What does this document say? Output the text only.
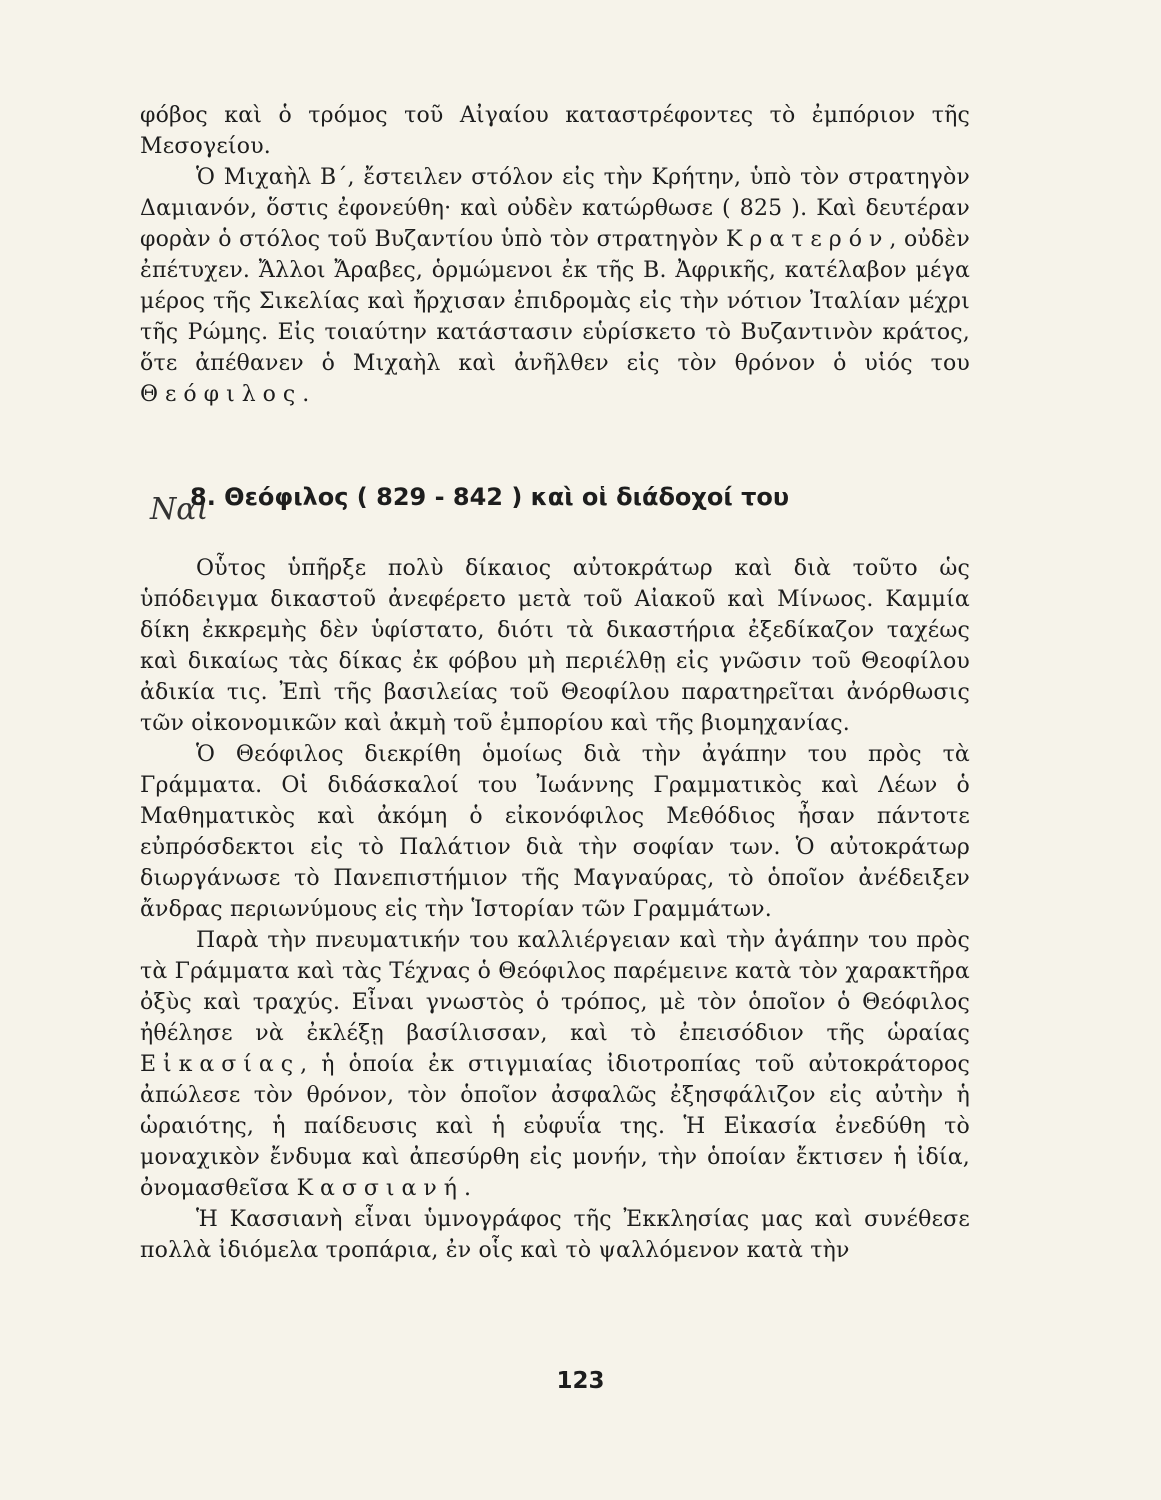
φόβος καὶ ὁ τρόμος τοῦ Αἰγαίου καταστρέφοντες τὸ ἐμπόριον τῆς Μεσογείου.

Ὁ Μιχαὴλ Β΄, ἔστειλεν στόλον εἰς τὴν Κρήτην, ὑπὸ τὸν στρατηγὸν Δαμιανόν, ὅστις ἐφονεύθη· καὶ οὐδὲν κατώρθωσε ( 825 ). Καὶ δευτέραν φορὰν ὁ στόλος τοῦ Βυζαντίου ὑπὸ τὸν στρατηγὸν Κρατερόν, οὐδὲν ἐπέτυχεν. Ἄλλοι Ἄραβες, ὁρμώμενοι ἐκ τῆς Β. Ἀφρικῆς, κατέλαβον μέγα μέρος τῆς Σικελίας καὶ ἤρχισαν ἐπιδρομὰς εἰς τὴν νότιον Ἰταλίαν μέχρι τῆς Ρώμης. Εἰς τοιαύτην κατάστασιν εὑρίσκετο τὸ Βυζαντινὸν κράτος, ὅτε ἀπέθανεν ὁ Μιχαὴλ καὶ ἀνῆλθεν εἰς τὸν θρόνον ὁ υἱός του Θεόφιλος.

Ναι
8. Θεόφιλος ( 829 - 842 ) καὶ οἱ διάδοχοί του

Οὗτος ὑπῆρξε πολὺ δίκαιος αὐτοκράτωρ καὶ διὰ τοῦτο ὡς ὑπόδειγμα δικαστοῦ ἀνεφέρετο μετὰ τοῦ Αἰακοῦ καὶ Μίνωος. Καμμία δίκη ἐκκρεμὴς δὲν ὑφίστατο, διότι τὰ δικαστήρια ἐξεδίκαζον ταχέως καὶ δικαίως τὰς δίκας ἐκ φόβου μὴ περιέλθῃ εἰς γνῶσιν τοῦ Θεοφίλου ἀδικία τις. Ἐπὶ τῆς βασιλείας τοῦ Θεοφίλου παρατηρεῖται ἀνόρθωσις τῶν οἰκονομικῶν καὶ ἀκμὴ τοῦ ἐμπορίου καὶ τῆς βιομηχανίας.

Ὁ Θεόφιλος διεκρίθη ὁμοίως διὰ τὴν ἀγάπην του πρὸς τὰ Γράμματα. Οἱ διδάσκαλοί του Ἰωάννης Γραμματικὸς καὶ Λέων ὁ Μαθηματικὸς καὶ ἀκόμη ὁ εἰκονόφιλος Μεθόδιος ἦσαν πάντοτε εὐπρόσδεκτοι εἰς τὸ Παλάτιον διὰ τὴν σοφίαν των. Ὁ αὐτοκράτωρ διωργάνωσε τὸ Πανεπιστήμιον τῆς Μαγναύρας, τὸ ὁποῖον ἀνέδειξεν ἄνδρας περιωνύμους εἰς τὴν Ἱστορίαν τῶν Γραμμάτων.

Παρὰ τὴν πνευματικήν του καλλιέργειαν καὶ τὴν ἀγάπην του πρὸς τὰ Γράμματα καὶ τὰς Τέχνας ὁ Θεόφιλος παρέμεινε κατὰ τὸν χαρακτῆρα ὀξὺς καὶ τραχύς. Εἶναι γνωστὸς ὁ τρόπος, μὲ τὸν ὁποῖον ὁ Θεόφιλος ἠθέλησε νὰ ἐκλέξῃ βασίλισσαν, καὶ τὸ ἐπεισόδιον τῆς ὡραίας Εἰκασίας, ἡ ὁποία ἐκ στιγμιαίας ἰδιοτροπίας τοῦ αὐτοκράτορος ἀπώλεσε τὸν θρόνον, τὸν ὁποῖον ἀσφαλῶς ἐξησφάλιζον εἰς αὐτὴν ἡ ὡραιότης, ἡ παίδευσις καὶ ἡ εὐφυΐα της. Ἡ Εἰκασία ἐνεδύθη τὸ μοναχικὸν ἔνδυμα καὶ ἀπεσύρθη εἰς μονήν, τὴν ὁποίαν ἔκτισεν ἡ ἰδία, ὀνομασθεῖσα Κασσιανή.

Ἡ Κασσιανὴ εἶναι ὑμνογράφος τῆς Ἐκκλησίας μας καὶ συνέθεσε πολλὰ ἰδιόμελα τροπάρια, ἐν οἷς καὶ τὸ ψαλλόμενον κατὰ τὴν

123
